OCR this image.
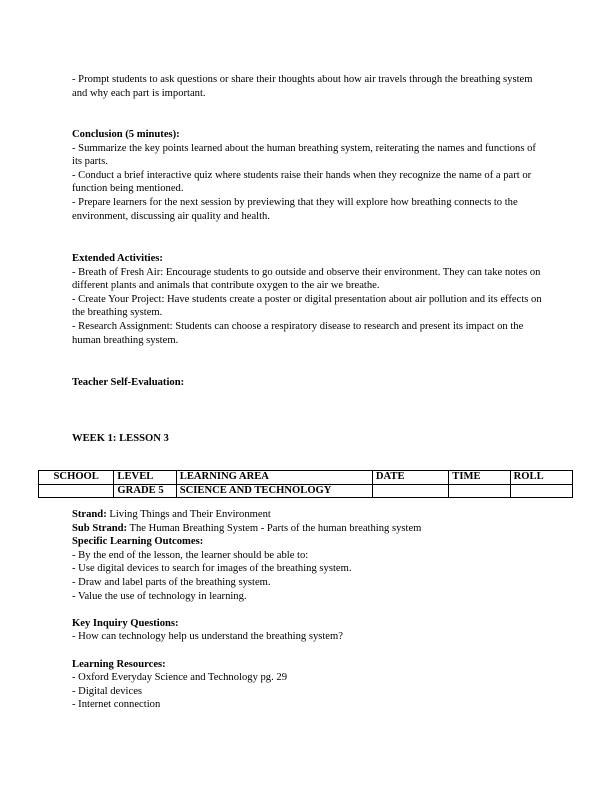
- Prompt students to ask questions or share their thoughts about how air travels through the breathing system and why each part is important.
Conclusion (5 minutes):
- Summarize the key points learned about the human breathing system, reiterating the names and functions of its parts.
- Conduct a brief interactive quiz where students raise their hands when they recognize the name of a part or function being mentioned.
- Prepare learners for the next session by previewing that they will explore how breathing connects to the environment, discussing air quality and health.
Extended Activities:
- Breath of Fresh Air: Encourage students to go outside and observe their environment. They can take notes on different plants and animals that contribute oxygen to the air we breathe.
- Create Your Project: Have students create a poster or digital presentation about air pollution and its effects on the breathing system.
- Research Assignment: Students can choose a respiratory disease to research and present its impact on the human breathing system.
Teacher Self-Evaluation:
WEEK 1: LESSON 3
SCHOOL	LEVEL	LEARNING AREA	DATE	TIME	ROLL
	GRADE 5	SCIENCE AND TECHNOLOGY			
Strand: Living Things and Their Environment
Sub Strand: The Human Breathing System - Parts of the human breathing system
Specific Learning Outcomes:
- By the end of the lesson, the learner should be able to:
- Use digital devices to search for images of the breathing system.
- Draw and label parts of the breathing system.
- Value the use of technology in learning.
Key Inquiry Questions:
- How can technology help us understand the breathing system?
Learning Resources:
- Oxford Everyday Science and Technology pg. 29
- Digital devices
- Internet connection
